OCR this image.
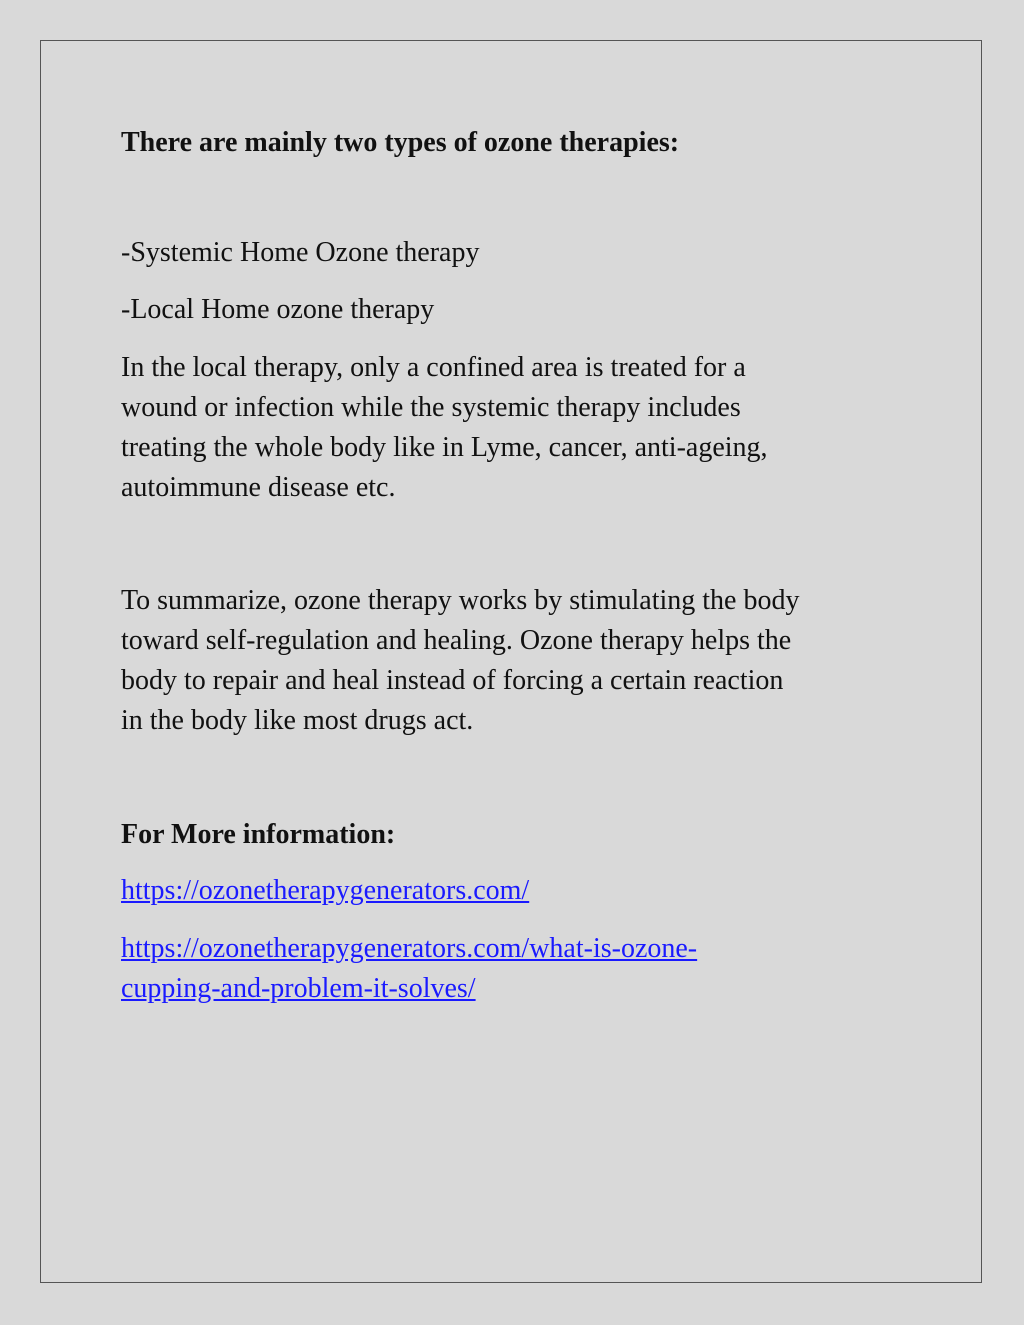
There are mainly two types of ozone therapies:

-Systemic Home Ozone therapy

-Local Home ozone therapy

In the local therapy, only a confined area is treated for a
wound or infection while the systemic therapy includes
treating the whole body like in Lyme, cancer, anti-ageing,
autoimmune disease etc.
To summarize, ozone therapy works by stimulating the body
toward self-regulation and healing. Ozone therapy helps the
body to repair and heal instead of forcing a certain reaction
in the body like most drugs act.

For More information:

https://ozonetherapygenerators.com/

https://ozonetherapygenerators.com/what-is-ozone-
cupping-and-problem-it-solves/
